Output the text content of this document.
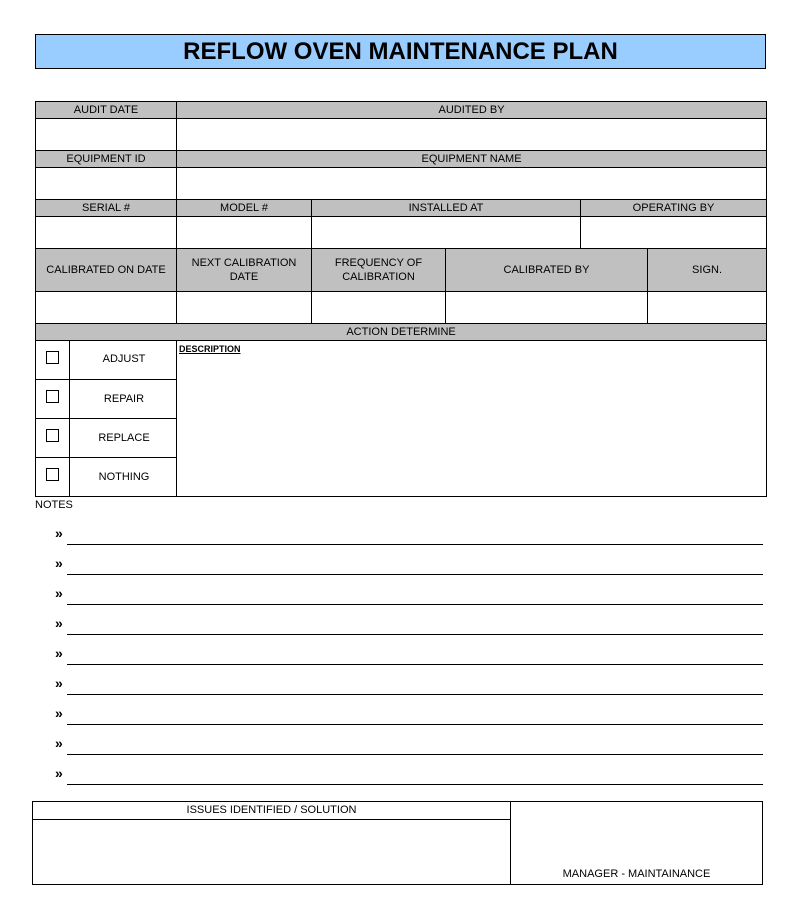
REFLOW OVEN MAINTENANCE PLAN
AUDIT DATE	AUDITED BY				

EQUIPMENT ID	EQUIPMENT NAME				

SERIAL #	MODEL #	INSTALLED AT		OPERATING BY	

CALIBRATED ON DATE	NEXT CALIBRATION DATE	FREQUENCY OF CALIBRATION	CALIBRATED BY		SIGN.

ACTION DETERMINE					
	ADJUST	DESCRIPTION
	REPAIR	
	REPLACE	
	NOTHING	
NOTES
»
»
»
»
»
»
»
»
»
ISSUES IDENTIFIED / SOLUTION
MANAGER - MAINTAINANCE
